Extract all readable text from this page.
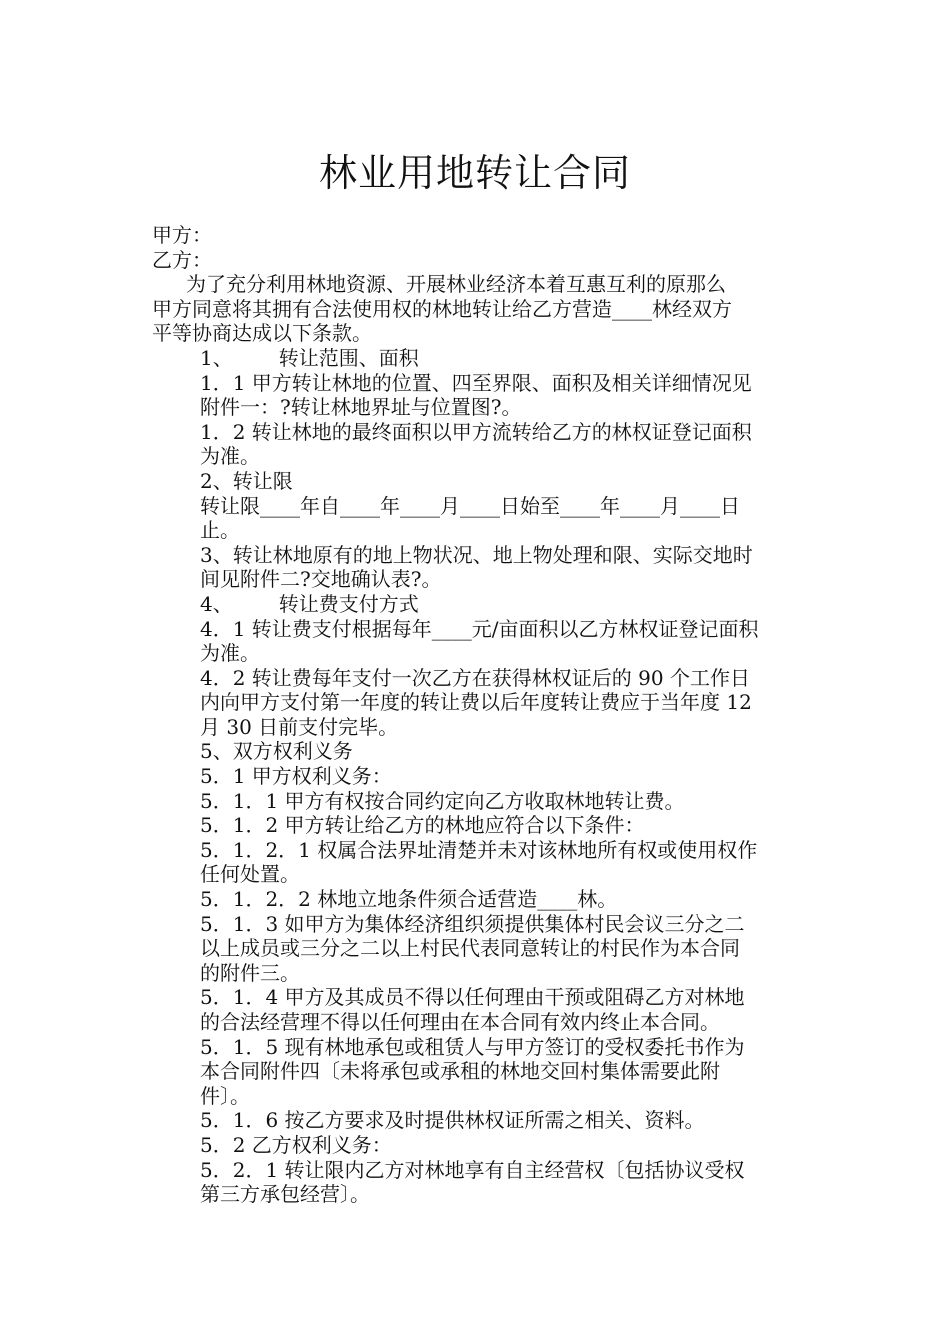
林业用地转让合同
甲方：
乙方：
为了充分利用林地资源、开展林业经济本着互惠互利的原那么
甲方同意将其拥有合法使用权的林地转让给乙方营造____林经双方
平等协商达成以下条款。
1、 转让范围、面积
1．1 甲方转让林地的位置、四至界限、面积及相关详细情况见
附件一：?转让林地界址与位置图?。
1．2 转让林地的最终面积以甲方流转给乙方的林权证登记面积
为准。
2、转让限
转让限____年自____年____月____日始至____年____月____日
止。
3、转让林地原有的地上物状况、地上物处理和限、实际交地时
间见附件二?交地确认表?。
4、 转让费支付方式
4．1 转让费支付根据每年____元/亩面积以乙方林权证登记面积
为准。
4．2 转让费每年支付一次乙方在获得林权证后的 90 个工作日
内向甲方支付第一年度的转让费以后年度转让费应于当年度 12
月 30 日前支付完毕。
5、双方权利义务
5．1 甲方权利义务：
5．1．1 甲方有权按合同约定向乙方收取林地转让费。
5．1．2 甲方转让给乙方的林地应符合以下条件：
5．1．2．1 权属合法界址清楚并未对该林地所有权或使用权作
任何处置。
5．1．2．2 林地立地条件须合适营造____林。
5．1．3 如甲方为集体经济组织须提供集体村民会议三分之二
以上成员或三分之二以上村民代表同意转让的村民作为本合同
的附件三。
5．1．4 甲方及其成员不得以任何理由干预或阻碍乙方对林地
的合法经营理不得以任何理由在本合同有效内终止本合同。
5．1．5 现有林地承包或租赁人与甲方签订的受权委托书作为
本合同附件四〔未将承包或承租的林地交回村集体需要此附
件〕。
5．1．6 按乙方要求及时提供林权证所需之相关、资料。
5．2 乙方权利义务：
5．2．1 转让限内乙方对林地享有自主经营权〔包括协议受权
第三方承包经营〕。
